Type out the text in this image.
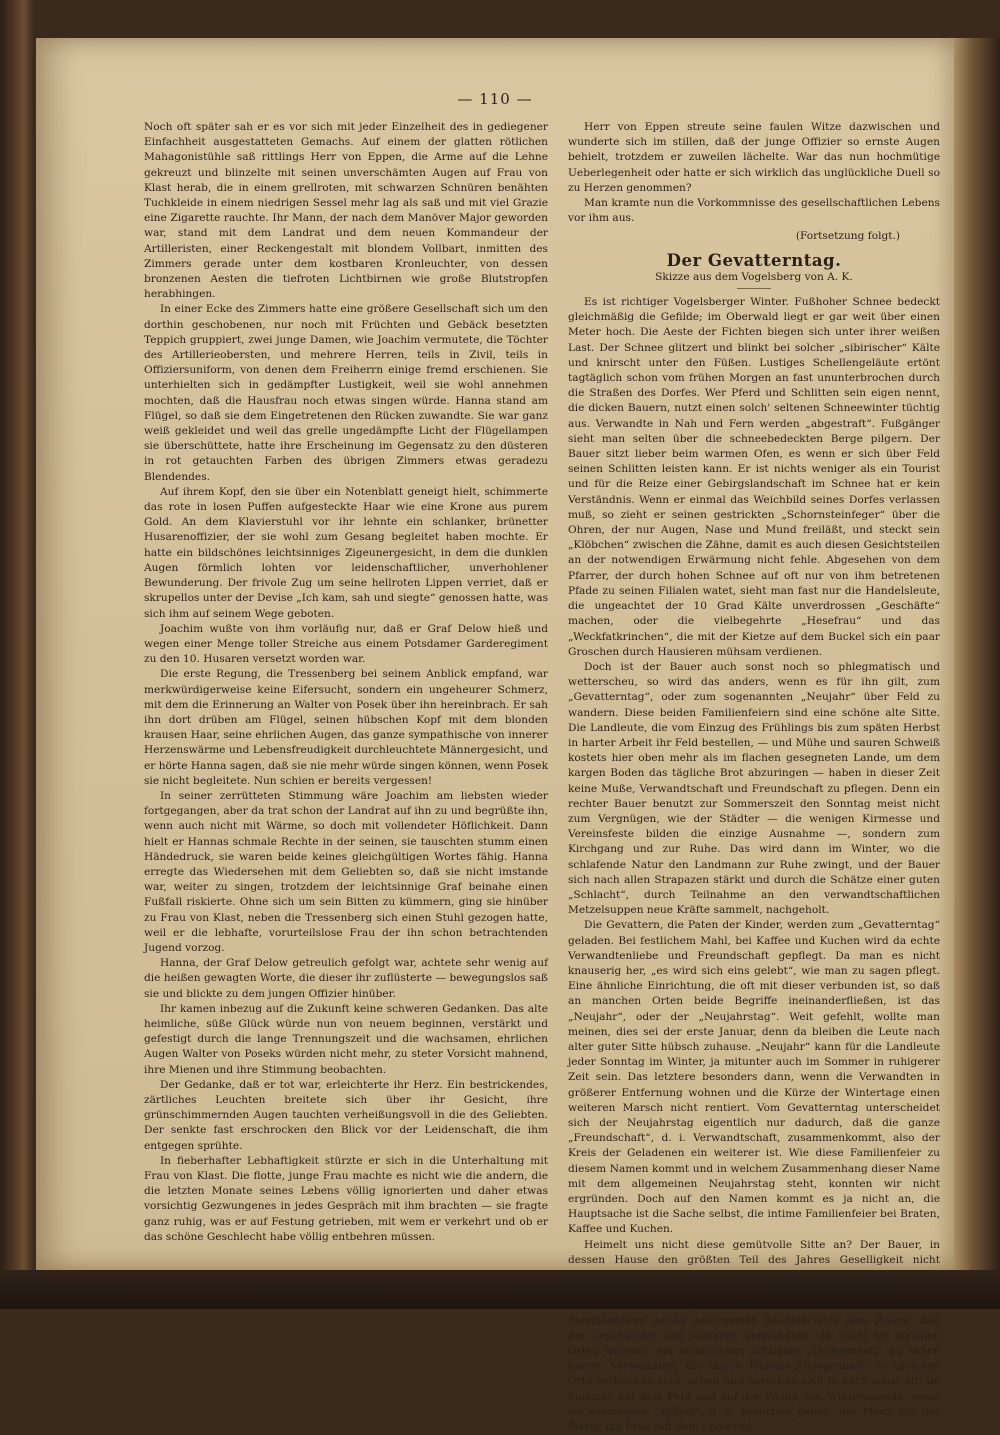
— 110 —

Noch oft später sah er es vor sich mit jeder Einzelheit des in gediegener Einfachheit ausgestatteten Gemachs. Auf einem der glatten rötlichen Mahagonistühle saß rittlings Herr von Eppen, die Arme auf die Lehne gekreuzt und blinzelte mit seinen unverschämten Augen auf Frau von Klast herab, die in einem grellroten, mit schwarzen Schnüren benähten Tuchkleide in einem niedrigen Sessel mehr lag als saß und mit viel Grazie eine Zigarette rauchte. Ihr Mann, der nach dem Manöver Major geworden war, stand mit dem Landrat und dem neuen Kommandeur der Artilleristen, einer Reckengestalt mit blondem Vollbart, inmitten des Zimmers gerade unter dem kostbaren Kronleuchter, von dessen bronzenen Aesten die tiefroten Lichtbirnen wie große Blutstropfen herabhingen.

In einer Ecke des Zimmers hatte eine größere Gesellschaft sich um den dorthin geschobenen, nur noch mit Früchten und Gebäck besetzten Teppich gruppiert, zwei junge Damen, wie Joachim vermutete, die Töchter des Artillerieobersten, und mehrere Herren, teils in Zivil, teils in Offiziersuniform, von denen dem Freiherrn einige fremd erschienen. Sie unterhielten sich in gedämpfter Lustigkeit, weil sie wohl annehmen mochten, daß die Hausfrau noch etwas singen würde. Hanna stand am Flügel, so daß sie dem Eingetretenen den Rücken zuwandte. Sie war ganz weiß gekleidet und weil das grelle ungedämpfte Licht der Flügellampen sie überschüttete, hatte ihre Erscheinung im Gegensatz zu den düsteren in rot getauchten Farben des übrigen Zimmers etwas geradezu Blendendes.

Auf ihrem Kopf, den sie über ein Notenblatt geneigt hielt, schimmerte das rote in losen Puffen aufgesteckte Haar wie eine Krone aus purem Gold. An dem Klavierstuhl vor ihr lehnte ein schlanker, brünetter Husarenoffizier, der sie wohl zum Gesang begleitet haben mochte. Er hatte ein bildschönes leichtsinniges Zigeunergesicht, in dem die dunklen Augen förmlich lohten vor leidenschaftlicher, unverhohlener Bewunderung. Der frivole Zug um seine hellroten Lippen verriet, daß er skrupellos unter der Devise „Ich kam, sah und siegte“ genossen hatte, was sich ihm auf seinem Wege geboten.

Joachim wußte von ihm vorläufig nur, daß er Graf Delow hieß und wegen einer Menge toller Streiche aus einem Potsdamer Garderegiment zu den 10. Husaren versetzt worden war.

Die erste Regung, die Tressenberg bei seinem Anblick empfand, war merkwürdigerweise keine Eifersucht, sondern ein ungeheurer Schmerz, mit dem die Erinnerung an Walter von Posek über ihn hereinbrach. Er sah ihn dort drüben am Flügel, seinen hübschen Kopf mit dem blonden krausen Haar, seine ehrlichen Augen, das ganze sympathische von innerer Herzenswärme und Lebensfreudigkeit durchleuchtete Männergesicht, und er hörte Hanna sagen, daß sie nie mehr würde singen können, wenn Posek sie nicht begleitete. Nun schien er bereits vergessen!

In seiner zerrütteten Stimmung wäre Joachim am liebsten wieder fortgegangen, aber da trat schon der Landrat auf ihn zu und begrüßte ihn, wenn auch nicht mit Wärme, so doch mit vollendeter Höflichkeit. Dann hielt er Hannas schmale Rechte in der seinen, sie tauschten stumm einen Händedruck, sie waren beide keines gleichgültigen Wortes fähig. Hanna erregte das Wiedersehen mit dem Geliebten so, daß sie nicht imstande war, weiter zu singen, trotzdem der leichtsinnige Graf beinahe einen Fußfall riskierte. Ohne sich um sein Bitten zu kümmern, ging sie hinüber zu Frau von Klast, neben die Tressenberg sich einen Stuhl gezogen hatte, weil er die lebhafte, vorurteilslose Frau der ihn schon betrachtenden Jugend vorzog.

Hanna, der Graf Delow getreulich gefolgt war, achtete sehr wenig auf die heißen gewagten Worte, die dieser ihr zuflüsterte — bewegungslos saß sie und blickte zu dem jungen Offizier hinüber.

Ihr kamen inbezug auf die Zukunft keine schweren Gedanken. Das alte heimliche, süße Glück würde nun von neuem beginnen, verstärkt und gefestigt durch die lange Trennungszeit und die wachsamen, ehrlichen Augen Walter von Poseks würden nicht mehr, zu steter Vorsicht mahnend, ihre Mienen und ihre Stimmung beobachten.

Der Gedanke, daß er tot war, erleichterte ihr Herz. Ein bestrickendes, zärtliches Leuchten breitete sich über ihr Gesicht, ihre grünschimmernden Augen tauchten verheißungsvoll in die des Geliebten. Der senkte fast erschrocken den Blick vor der Leidenschaft, die ihm entgegen sprühte.

In fieberhafter Lebhaftigkeit stürzte er sich in die Unterhaltung mit Frau von Klast. Die flotte, junge Frau machte es nicht wie die andern, die die letzten Monate seines Lebens völlig ignorierten und daher etwas vorsichtig Gezwungenes in jedes Gespräch mit ihm brachten — sie fragte ganz ruhig, was er auf Festung getrieben, mit wem er verkehrt und ob er das schöne Geschlecht habe völlig entbehren müssen.

Herr von Eppen streute seine faulen Witze dazwischen und wunderte sich im stillen, daß der junge Offizier so ernste Augen behielt, trotzdem er zuweilen lächelte. War das nun hochmütige Ueberlegenheit oder hatte er sich wirklich das unglückliche Duell so zu Herzen genommen?

Man kramte nun die Vorkommnisse des gesellschaftlichen Lebens vor ihm aus.

(Fortsetzung folgt.)
Der Gevatterntag.
Skizze aus dem Vogelsberg von A. K.

Es ist richtiger Vogelsberger Winter. Fußhoher Schnee bedeckt gleichmäßig die Gefilde; im Oberwald liegt er gar weit über einen Meter hoch. Die Aeste der Fichten biegen sich unter ihrer weißen Last. Der Schnee glitzert und blinkt bei solcher „sibirischer“ Kälte und knirscht unter den Füßen. Lustiges Schellengeläute ertönt tagtäglich schon vom frühen Morgen an fast ununterbrochen durch die Straßen des Dorfes. Wer Pferd und Schlitten sein eigen nennt, die dicken Bauern, nutzt einen solch' seltenen Schneewinter tüchtig aus. Verwandte in Nah und Fern werden „abgestraft“. Fußgänger sieht man selten über die schneebedeckten Berge pilgern. Der Bauer sitzt lieber beim warmen Ofen, es wenn er sich über Feld seinen Schlitten leisten kann. Er ist nichts weniger als ein Tourist und für die Reize einer Gebirgslandschaft im Schnee hat er kein Verständnis. Wenn er einmal das Weichbild seines Dorfes verlassen muß, so zieht er seinen gestrickten „Schornsteinfeger“ über die Ohren, der nur Augen, Nase und Mund freiläßt, und steckt sein „Klöbchen“ zwischen die Zähne, damit es auch diesen Gesichtsteilen an der notwendigen Erwärmung nicht fehle. Abgesehen von dem Pfarrer, der durch hohen Schnee auf oft nur von ihm betretenen Pfade zu seinen Filialen watet, sieht man fast nur die Handelsleute, die ungeachtet der 10 Grad Kälte unverdrossen „Geschäfte“ machen, oder die vielbegehrte „Hesefrau“ und das „Weckfatkrinchen“, die mit der Kietze auf dem Buckel sich ein paar Groschen durch Hausieren mühsam verdienen.

Doch ist der Bauer auch sonst noch so phlegmatisch und wetterscheu, so wird das anders, wenn es für ihn gilt, zum „Gevatterntag“, oder zum sogenannten „Neujahr“ über Feld zu wandern. Diese beiden Familienfeiern sind eine schöne alte Sitte. Die Landleute, die vom Einzug des Frühlings bis zum späten Herbst in harter Arbeit ihr Feld bestellen, — und Mühe und sauren Schweiß kostets hier oben mehr als im flachen gesegneten Lande, um dem kargen Boden das tägliche Brot abzuringen — haben in dieser Zeit keine Muße, Verwandtschaft und Freundschaft zu pflegen. Denn ein rechter Bauer benutzt zur Sommerszeit den Sonntag meist nicht zum Vergnügen, wie der Städter — die wenigen Kirmesse und Vereinsfeste bilden die einzige Ausnahme —, sondern zum Kirchgang und zur Ruhe. Das wird dann im Winter, wo die schlafende Natur den Landmann zur Ruhe zwingt, und der Bauer sich nach allen Strapazen stärkt und durch die Schätze einer guten „Schlacht“, durch Teilnahme an den verwandtschaftlichen Metzelsuppen neue Kräfte sammelt, nachgeholt.

Die Gevattern, die Paten der Kinder, werden zum „Gevatterntag“ geladen. Bei festlichem Mahl, bei Kaffee und Kuchen wird da echte Verwandtenliebe und Freundschaft gepflegt. Da man es nicht knauserig her, „es wird sich eins gelebt“, wie man zu sagen pflegt. Eine ähnliche Einrichtung, die oft mit dieser verbunden ist, so daß an manchen Orten beide Begriffe ineinanderfließen, ist das „Neujahr“, oder der „Neujahrstag“. Weit gefehlt, wollte man meinen, dies sei der erste Januar, denn da bleiben die Leute nach alter guter Sitte hübsch zuhause. „Neujahr“ kann für die Landleute jeder Sonntag im Winter, ja mitunter auch im Sommer in ruhigerer Zeit sein. Das letztere besonders dann, wenn die Verwandten in größerer Entfernung wohnen und die Kürze der Wintertage einen weiteren Marsch nicht rentiert. Vom Gevatterntag unterscheidet sich der Neujahrstag eigentlich nur dadurch, daß die ganze „Freundschaft“, d. i. Verwandtschaft, zusammenkommt, also der Kreis der Geladenen ein weiterer ist. Wie diese Familienfeier zu diesem Namen kommt und in welchem Zusammenhang dieser Name mit dem allgemeinen Neujahrstag steht, konnten wir nicht ergründen. Doch auf den Namen kommt es ja nicht an, die Hauptsache ist die Sache selbst, die intime Familienfeier bei Braten, Kaffee und Kuchen.

Heimelt uns nicht diese gemütvolle Sitte an? Der Bauer, in dessen Hause den größten Teil des Jahres Geselligkeit nicht Familienfeiern gelten naturgemäß hauptsächlich dem Zweck, daß die Geschwister und weiteren Verwandten, die nicht im gleichen Orten wohnen, ein alljährliches offizielles „Gelegenheit“ im sehen feiern. Verwandten, die durch Heirats-„Gelegenheit“ in gleichen Orte verblieben sind, sehen und sprechen sich ja auch sonst oft, im Sommer auf dem Feld und auf der Weide, am Winterabende, wenn sie zueinander „spillen“, d. h. besuchen gehen, der Mann mit der Pfeife, die Frau mit dem Spinnrad.
